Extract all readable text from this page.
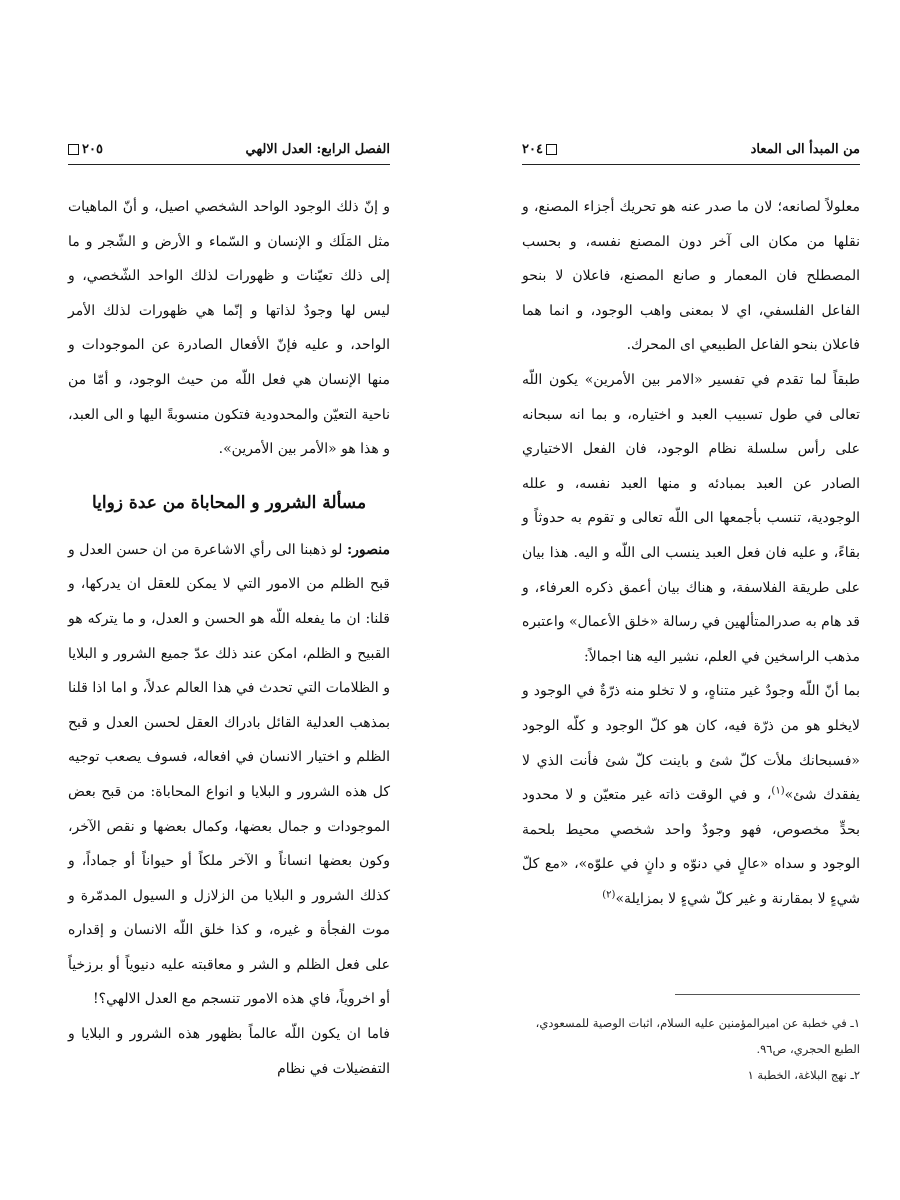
٢٠٥	الفصل الرابع: العدل الالهي

و إنّ ذلك الوجود الواحد الشخصي اصيل، و أنّ الماهيات مثل المَلَك و الإنسان و السّماء و الأرض و الشّجر و ما إلى ذلك تعيّنات و ظهورات لذلك الواحد الشّخصي، و ليس لها وجودٌ لذاتها و إنّما هي ظهورات لذلك الأمر الواحد، و عليه فإنّ الأفعال الصادرة عن الموجودات و منها الإنسان هي فعل اللّه من حيث الوجود، و أمّا من ناحية التعيّن والمحدودية فتكون منسوبةً اليها و الى العبد، و هذا هو «الأمر بين الأمرين».

مسألة الشرور و المحاباة من عدة زوايا

منصور: لو ذهبنا الى رأي الاشاعرة من ان حسن العدل و قبح الظلم من الامور التي لا يمكن للعقل ان يدركها، و قلنا: ان ما يفعله اللّه هو الحسن و العدل، و ما يتركه هو القبيح و الظلم، امكن عند ذلك عدّ جميع الشرور و البلايا و الظلامات التي تحدث في هذا العالم عدلاً، و اما اذا قلنا بمذهب العدلية القائل بادراك العقل لحسن العدل و قبح الظلم و اختيار الانسان في افعاله، فسوف يصعب توجيه كل هذه الشرور و البلايا و انواع المحاباة: من قبح بعض الموجودات و جمال بعضها، وكمال بعضها و نقص الآخر، وكون بعضها انساناً و الآخر ملكاً أو حيواناً أو جماداً، و كذلك الشرور و البلايا من الزلازل و السيول المدمّرة و موت الفجأة و غيره، و كذا خلق اللّه الانسان و إقداره على فعل الظلم و الشر و معاقبته عليه دنيوياً أو برزخياً أو اخروياً، فاي هذه الامور تنسجم مع العدل الالهي؟!

فاما ان يكون اللّه عالماً بظهور هذه الشرور و البلايا و التفضيلات في نظام

٢٠٤	من المبدأ الى المعاد

معلولاً لصانعه؛ لان ما صدر عنه هو تحريك أجزاء المصنع، و نقلها من مكان الى آخر دون المصنع نفسه، و بحسب المصطلح فان المعمار و صانع المصنع، فاعلان لا بنحو الفاعل الفلسفي، اي لا بمعنى واهب الوجود، و انما هما فاعلان بنحو الفاعل الطبيعي اى المحرك.

طبقاً لما تقدم في تفسير «الامر بين الأمرين» يكون اللّه تعالى في طول تسبيب العبد و اختياره، و بما انه سبحانه على رأس سلسلة نظام الوجود، فان الفعل الاختياري الصادر عن العبد بمبادئه و منها العبد نفسه، و علله الوجودية، تنسب بأجمعها الى اللّه تعالى و تقوم به حدوثاً و بقاءً، و عليه فان فعل العبد ينسب الى اللّه و اليه. هذا بيان على طريقة الفلاسفة، و هناك بيان أعمق ذكره العرفاء، و قد هام به صدرالمتألهين في رسالة «خلق الأعمال» واعتبره مذهب الراسخين في العلم، نشير اليه هنا اجمالاً:

بما أنّ اللّه وجودٌ غير متناهٍ، و لا تخلو منه ذرّةٌ في الوجود و لايخلو هو من ذرّة فيه، كان هو كلّ الوجود و كلّه الوجود «فسبحانك ملأت كلّ شئ و باينت كلّ شئ فأنت الذي لا يفقدك شئ»$^{(١)}$، و في الوقت ذاته غير متعيّن و لا محدود بحدٍّ مخصوص، فهو وجودٌ واحد شخصي محيط بلحمة الوجود و سداه «عالٍ في دنوّه و دانٍ في علوّه»، «مع كلّ شيءٍ لا بمقارنة و غير كلّ شيءٍ لا بمزايلة»$^{(٢)}$

١ـ في خطبة عن اميرالمؤمنين عليه السلام، اثبات الوصية للمسعودي، الطبع الحجري، ص٩٦.

٢ـ نهج البلاغة، الخطبة ١
